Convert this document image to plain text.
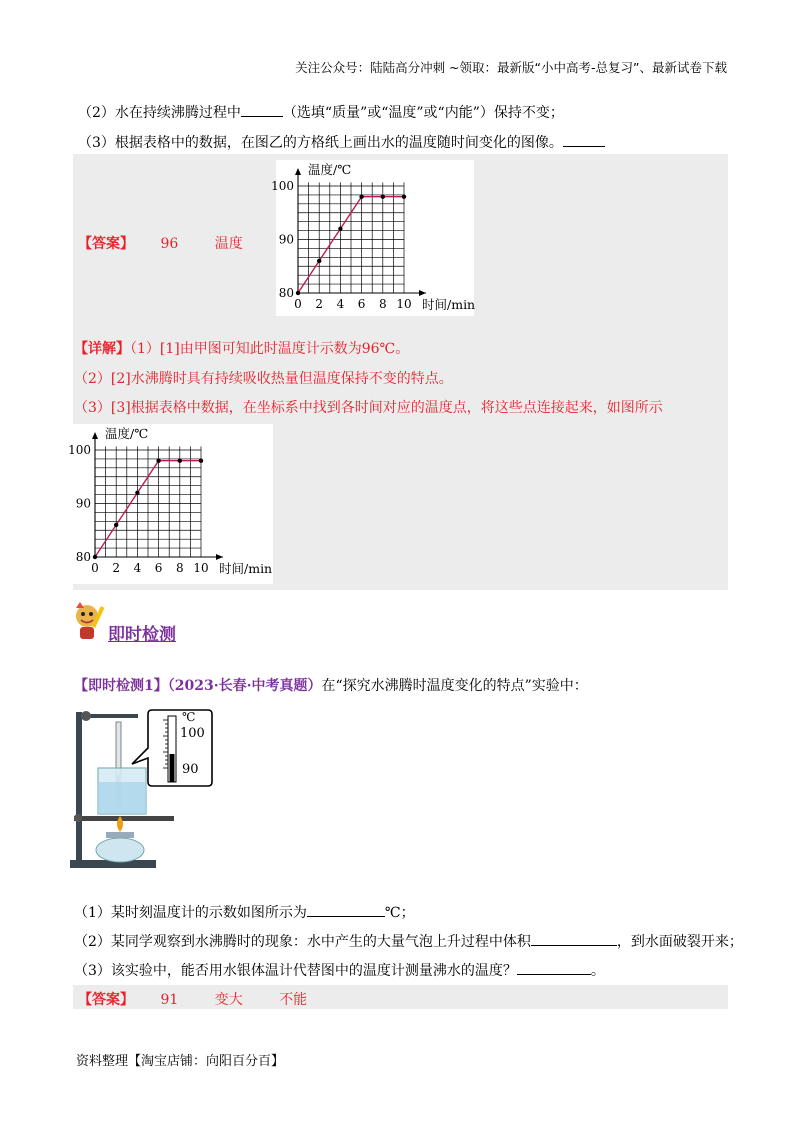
关注公众号：陆陆高分冲刺 ~领取：最新版“小中高考-总复习”、最新试卷下载
（2）水在持续沸腾过程中	（选填“质量”或“温度”或“内能”）保持不变；
（3）根据表格中的数据，在图乙的方格纸上画出水的温度随时间变化的图像。
【答案】 96	温度
0 2 4 6 8 10
80
90
100
温度/℃
时间/min
【详解】（1）[1]由甲图可知此时温度计示数为96℃。
（2）[2]水沸腾时具有持续吸收热量但温度保持不变的特点。
（3）[3]根据表格中数据，在坐标系中找到各时间对应的温度点，将这些点连接起来，如图所示
0 2 4 6 8 10
80
90
100
温度/℃
时间/min
即时检测
【即时检测1】（2023·长春·中考真题）在“探究水沸腾时温度变化的特点”实验中：
℃
100
90
（1）某时刻温度计的示数如图所示为	℃；
（2）某同学观察到水沸腾时的现象：水中产生的大量气泡上升过程中体积	，到水面破裂开来；
（3）该实验中，能否用水银体温计代替图中的温度计测量沸水的温度？	。
【答案】 91	变大	不能
资料整理【淘宝店铺：向阳百分百】
